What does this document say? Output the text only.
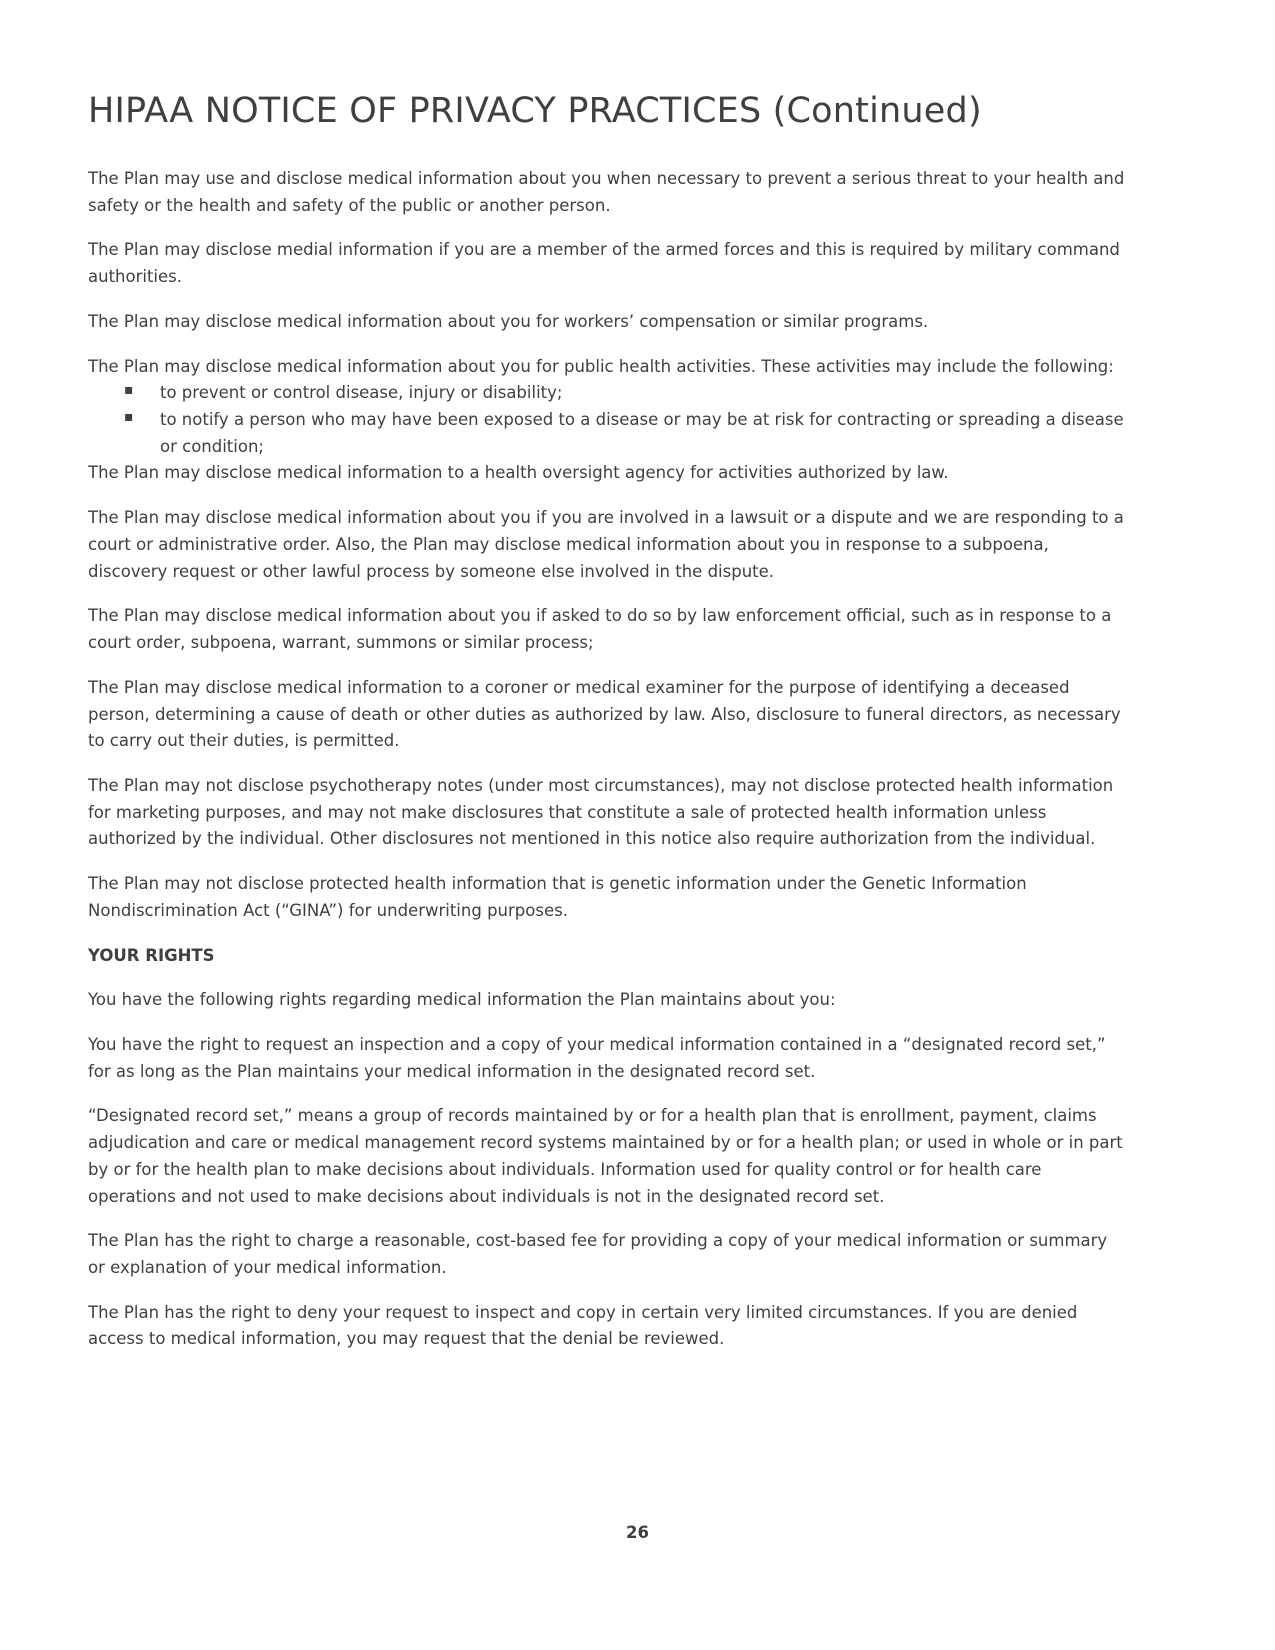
HIPAA NOTICE OF PRIVACY PRACTICES (Continued)

The Plan may use and disclose medical information about you when necessary to prevent a serious threat to your health and safety or the health and safety of the public or another person.

The Plan may disclose medial information if you are a member of the armed forces and this is required by military command authorities.

The Plan may disclose medical information about you for workers’ compensation or similar programs.

The Plan may disclose medical information about you for public health activities. These activities may include the following:

▪ to prevent or control disease, injury or disability;
▪ to notify a person who may have been exposed to a disease or may be at risk for contracting or spreading a disease or condition;

The Plan may disclose medical information to a health oversight agency for activities authorized by law.

The Plan may disclose medical information about you if you are involved in a lawsuit or a dispute and we are responding to a court or administrative order. Also, the Plan may disclose medical information about you in response to a subpoena, discovery request or other lawful process by someone else involved in the dispute.

The Plan may disclose medical information about you if asked to do so by law enforcement official, such as in response to a court order, subpoena, warrant, summons or similar process;

The Plan may disclose medical information to a coroner or medical examiner for the purpose of identifying a deceased person, determining a cause of death or other duties as authorized by law. Also, disclosure to funeral directors, as necessary to carry out their duties, is permitted.

The Plan may not disclose psychotherapy notes (under most circumstances), may not disclose protected health information for marketing purposes, and may not make disclosures that constitute a sale of protected health information unless authorized by the individual. Other disclosures not mentioned in this notice also require authorization from the individual.

The Plan may not disclose protected health information that is genetic information under the Genetic Information Nondiscrimination Act (“GINA”) for underwriting purposes.

YOUR RIGHTS

You have the following rights regarding medical information the Plan maintains about you:

You have the right to request an inspection and a copy of your medical information contained in a “designated record set,” for as long as the Plan maintains your medical information in the designated record set.

“Designated record set,” means a group of records maintained by or for a health plan that is enrollment, payment, claims adjudication and care or medical management record systems maintained by or for a health plan; or used in whole or in part by or for the health plan to make decisions about individuals. Information used for quality control or for health care operations and not used to make decisions about individuals is not in the designated record set.

The Plan has the right to charge a reasonable, cost-based fee for providing a copy of your medical information or summary or explanation of your medical information.

The Plan has the right to deny your request to inspect and copy in certain very limited circumstances. If you are denied access to medical information, you may request that the denial be reviewed.

26
